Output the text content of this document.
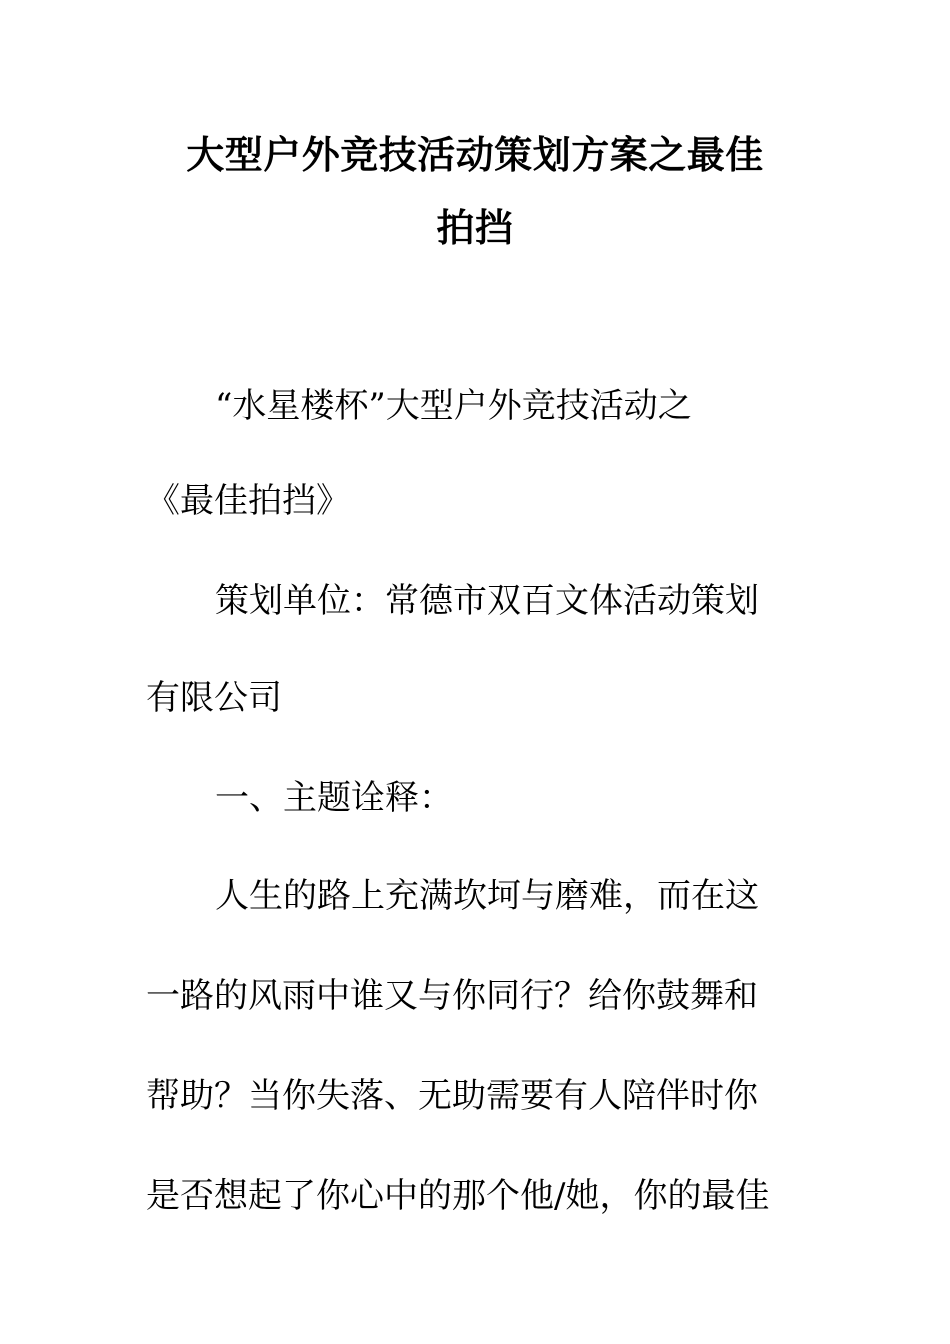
大型户外竞技活动策划方案之最佳
拍挡
“水星楼杯”大型户外竞技活动之
《最佳拍挡》
策划单位：常德市双百文体活动策划
有限公司
一、主题诠释：
人生的路上充满坎坷与磨难，而在这
一路的风雨中谁又与你同行？给你鼓舞和
帮助？当你失落、无助需要有人陪伴时你
是否想起了你心中的那个他/她，你的最佳
